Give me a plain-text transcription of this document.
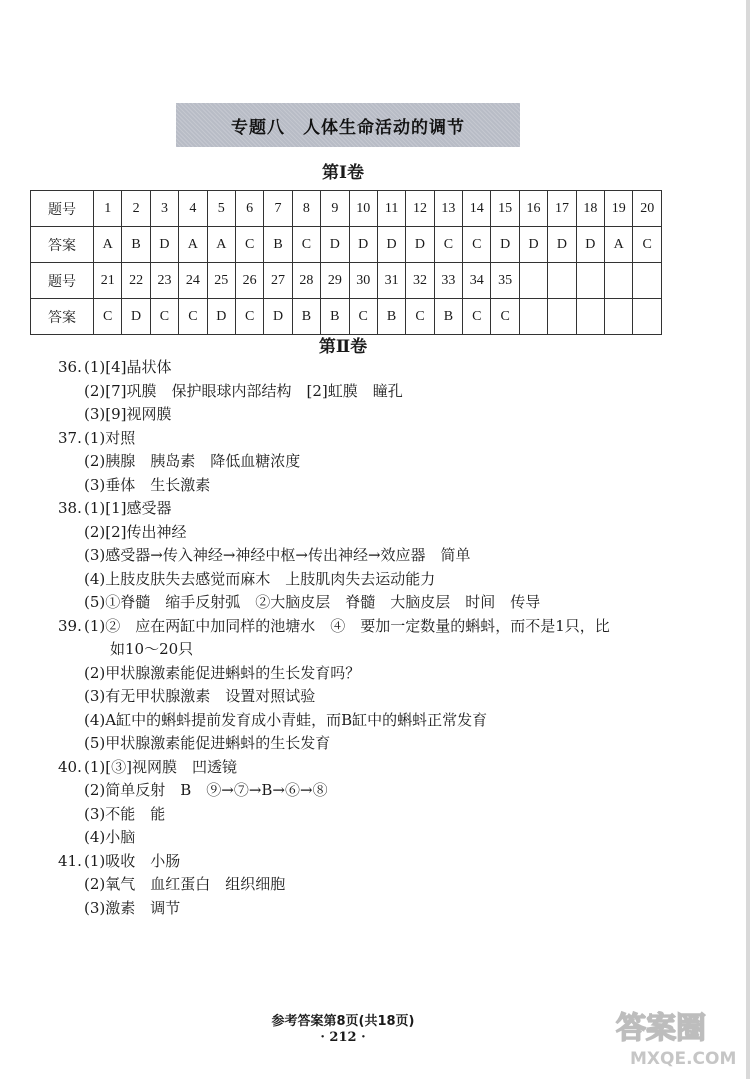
专题八　人体生命活动的调节
第Ⅰ卷
题号	1	2	3	4	5	6	7	8	9	10	11	12	13	14	15	16	17	18	19	20
答案	A	B	D	A	A	C	B	C	D	D	D	D	C	C	D	D	D	D	A	C
题号	21	22	23	24	25	26	27	28	29	30	31	32	33	34	35					
答案	C	D	C	C	D	C	D	B	B	C	B	C	B	C	C					
第Ⅱ卷
36. (1)[4]晶状体
(2)[7]巩膜　保护眼球内部结构　[2]虹膜　瞳孔
(3)[9]视网膜
37. (1)对照
(2)胰腺　胰岛素　降低血糖浓度
(3)垂体　生长激素
38. (1)[1]感受器
(2)[2]传出神经
(3)感受器→传入神经→神经中枢→传出神经→效应器　简单
(4)上肢皮肤失去感觉而麻木　上肢肌肉失去运动能力
(5)①脊髓　缩手反射弧　②大脑皮层　脊髓　大脑皮层　时间　传导
39. (1)②　应在两缸中加同样的池塘水　④　要加一定数量的蝌蚪，而不是1只，比
如10～20只
(2)甲状腺激素能促进蝌蚪的生长发育吗？
(3)有无甲状腺激素　设置对照试验
(4)A缸中的蝌蚪提前发育成小青蛙，而B缸中的蝌蚪正常发育
(5)甲状腺激素能促进蝌蚪的生长发育
40. (1)[③]视网膜　凹透镜
(2)简单反射　B　⑨→⑦→B→⑥→⑧
(3)不能　能
(4)小脑
41. (1)吸收　小肠
(2)氧气　血红蛋白　组织细胞
(3)激素　调节
参考答案第8页(共18页)
· 212 ·	答案圈
MXQE.COM
